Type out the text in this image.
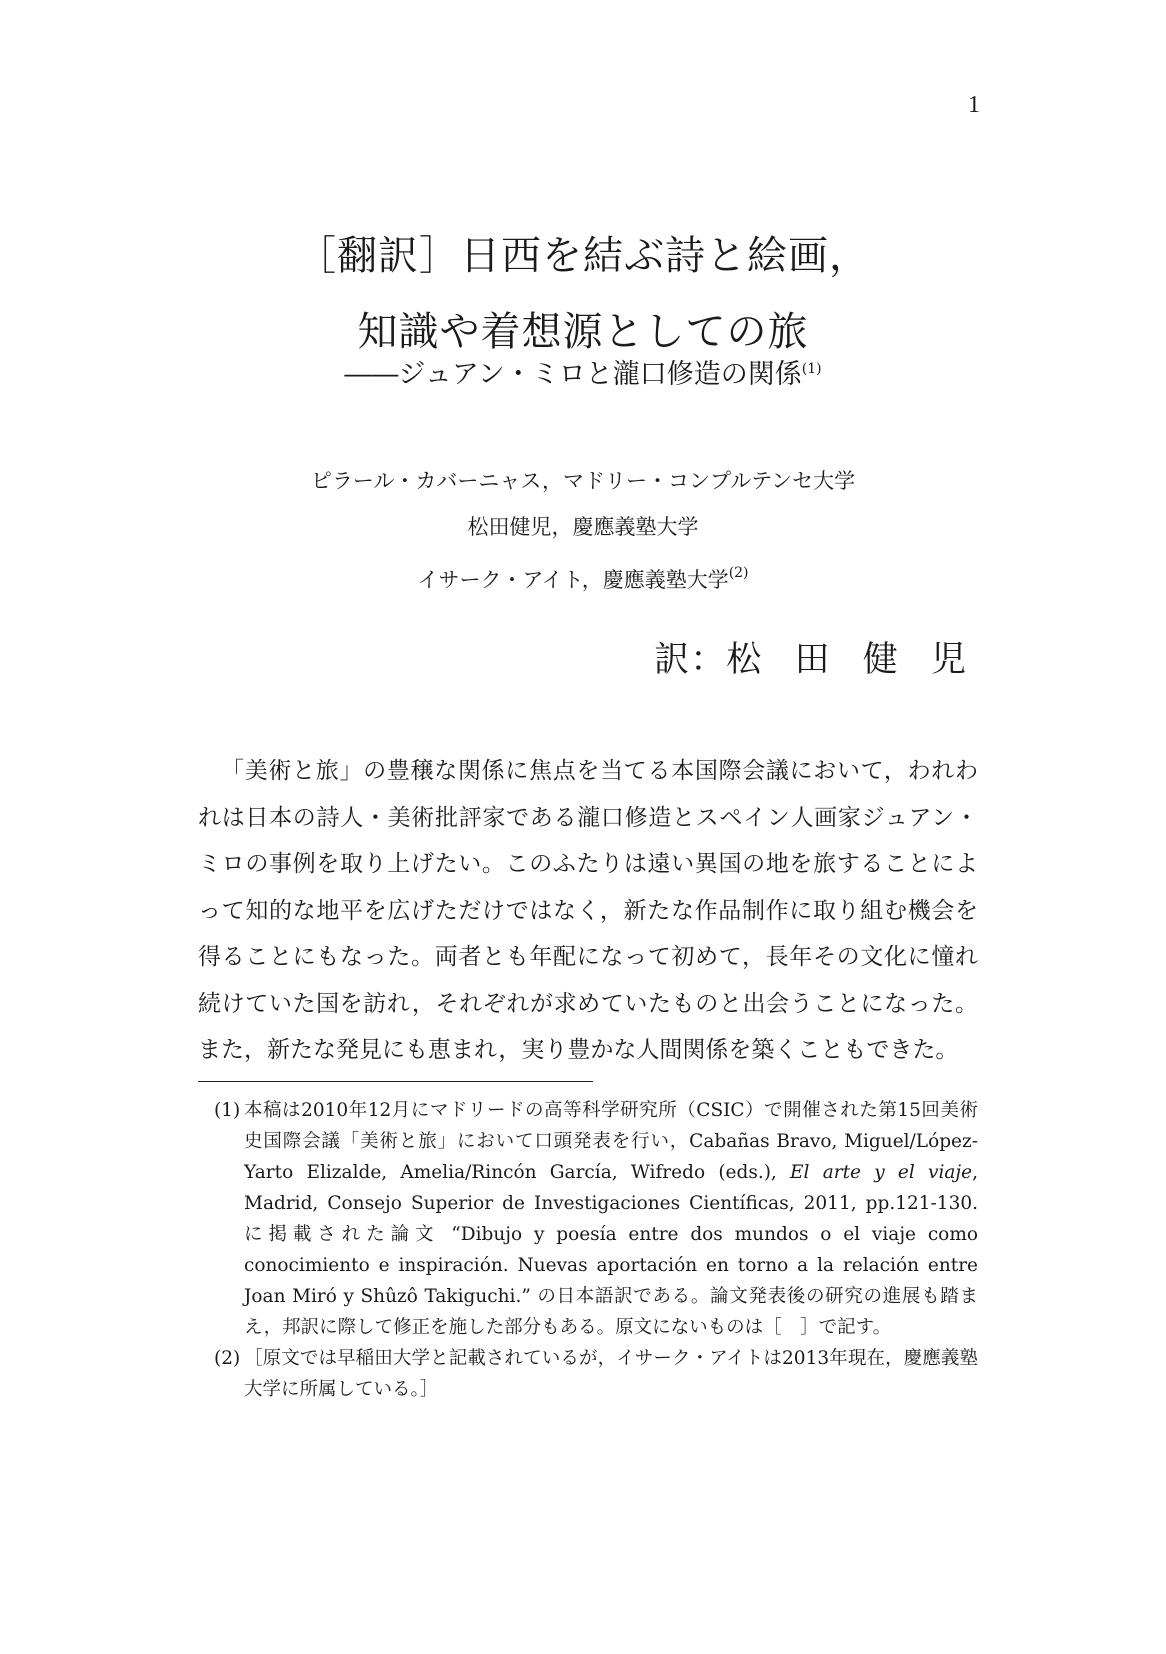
1
［翻訳］日西を結ぶ詩と絵画，
知識や着想源としての旅
――ジュアン・ミロと瀧口修造の関係$^{(1)}$
ピラール・カバーニャス，マドリー・コンプルテンセ大学
松田健児，慶應義塾大学
イサーク・アイト，慶應義塾大学$^{(2)}$
訳：松田健児

「美術と旅」の豊穣な関係に焦点を当てる本国際会議において，われわれは日本の詩人・美術批評家である瀧口修造とスペイン人画家ジュアン・ミロの事例を取り上げたい。このふたりは遠い異国の地を旅することによって知的な地平を広げただけではなく，新たな作品制作に取り組む機会を得ることにもなった。両者とも年配になって初めて，長年その文化に憧れ続けていた国を訪れ，それぞれが求めていたものと出会うことになった。また，新たな発見にも恵まれ，実り豊かな人間関係を築くこともできた。

(1) 本稿は2010年12月にマドリードの高等科学研究所（CSIC）で開催された第15回美術史国際会議「美術と旅」において口頭発表を行い，Cabañas Bravo, Miguel/López-Yarto Elizalde, Amelia/Rincón García, Wifredo (eds.), El arte y el viaje, Madrid, Consejo Superior de Investigaciones Científicas, 2011, pp.121-130. に掲載された論文 “Dibujo y poesía entre dos mundos o el viaje como conocimiento e inspiración. Nuevas aportación en torno a la relación entre Joan Miró y Shûzô Takiguchi.” の日本語訳である。論文発表後の研究の進展も踏まえ，邦訳に際して修正を施した部分もある。原文にないものは［　］で記す。
(2) ［原文では早稲田大学と記載されているが，イサーク・アイトは2013年現在，慶應義塾大学に所属している。］
